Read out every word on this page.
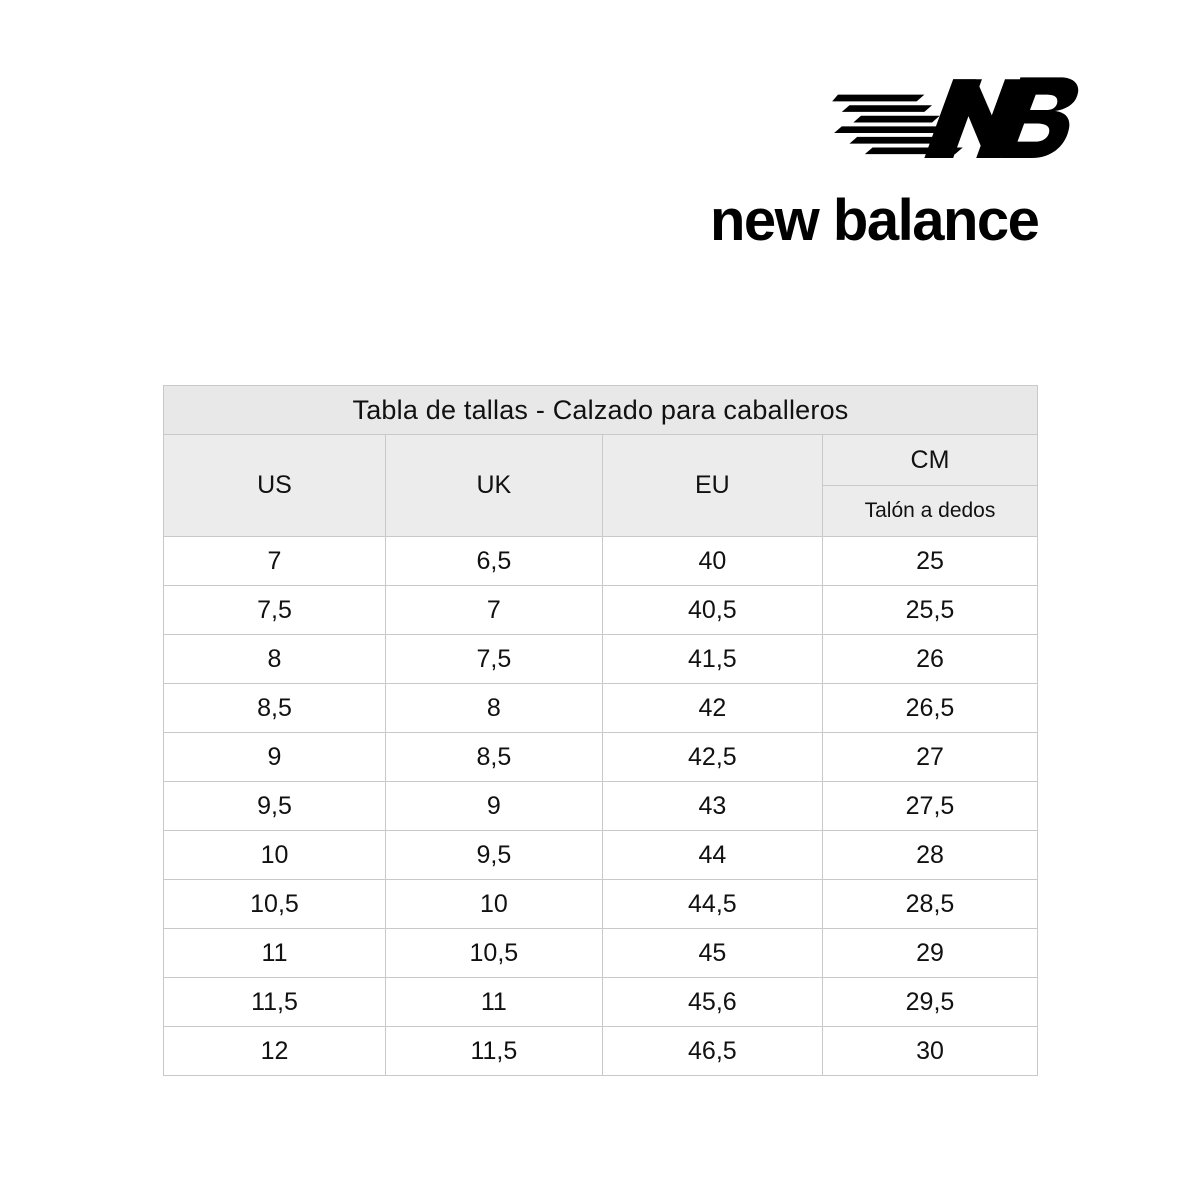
new balance
Tabla de tallas - Calzado para caballeros			
US	UK	EU	CM
			Talón a dedos
7	6,5	40	25
7,5	7	40,5	25,5
8	7,5	41,5	26
8,5	8	42	26,5
9	8,5	42,5	27
9,5	9	43	27,5
10	9,5	44	28
10,5	10	44,5	28,5
11	10,5	45	29
11,5	11	45,6	29,5
12	11,5	46,5	30
